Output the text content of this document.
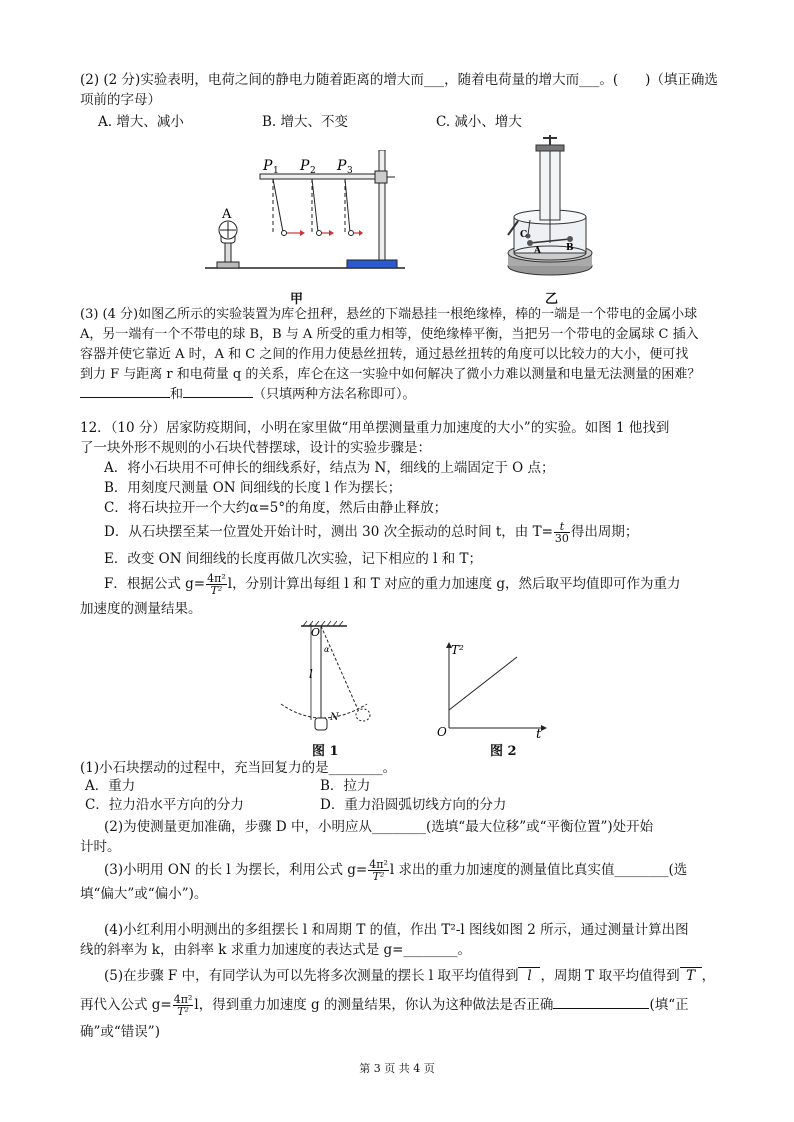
(2) (2 分)实验表明，电荷之间的静电力随着距离的增大而___，随着电荷量的增大而___。(　　)（填正确选
项前的字母）
A. 增大、减小	B. 增大、不变	C. 减小、增大
A
P 1 P 2 P 3
甲
C
B
A
乙
(3) (4 分)如图乙所示的实验装置为库仑扭秤，悬丝的下端悬挂一根绝缘棒，棒的一端是一个带电的金属小球
A，另一端有一个不带电的球 B，B 与 A 所受的重力相等，使绝缘棒平衡，当把另一个带电的金属球 C 插入
容器并使它靠近 A 时，A 和 C 之间的作用力使悬丝扭转，通过悬丝扭转的角度可以比较力的大小，便可找
到力 F 与距离 r 和电荷量 q 的关系，库仑在这一实验中如何解决了微小力难以测量和电量无法测量的困难？
和	（只填两种方法名称即可）。
12．（10 分）居家防疫期间，小明在家里做“用单摆测量重力加速度的大小”的实验。如图 1 他找到
了一块外形不规则的小石块代替摆球，设计的实验步骤是：
A．将小石块用不可伸长的细线系好，结点为 N，细线的上端固定于 O 点；
B．用刻度尺测量 ON 间细线的长度 l 作为摆长；
C．将石块拉开一个大约α=5°的角度，然后由静止释放；
D．从石块摆至某一位置处开始计时，测出 30 次全振动的总时间 t，由 $T= \frac{t}{30}$ 得出周期；
E．改变 ON 间细线的长度再做几次实验，记下相应的 l 和 T；
F．根据公式 $g= \frac{\text{4π²}}{\text{T²}}$ l，分别计算出每组 l 和 T 对应的重力加速度 g，然后取平均值即可作为重力
加速度的测量结果。
O
α
l
N
图 1
T²
O	t
图 2
(1)小石块摆动的过程中，充当回复力的是________。
A．重力	B．拉力
C．拉力沿水平方向的分力	D．重力沿圆弧切线方向的分力
(2)为使测量更加准确，步骤 D 中，小明应从________(选填“最大位移”或“平衡位置”)处开始
计时。
(3)小明用 ON 的长 l 为摆长，利用公式 $g= \frac{\text{4π²}}{\text{T²}}$ l 求出的重力加速度的测量值比真实值________(选
填“偏大”或“偏小”)。
(4)小红利用小明测出的多组摆长 l 和周期 T 的值，作出 T²-l 图线如图 2 所示，通过测量计算出图
线的斜率为 k，由斜率 k 求重力加速度的表达式是 g=________。
(5)在步骤 F 中，有同学认为可以先将多次测量的摆长 l 取平均值得到 l ，周期 T 取平均值得到 T ，
再代入公式 $g= \frac{\text{4π²}}{\text{T²}}$ l，得到重力加速度 g 的测量结果，你认为这种做法是否正确	(填“正
确”或“错误”)
第 3 页 共 4 页
